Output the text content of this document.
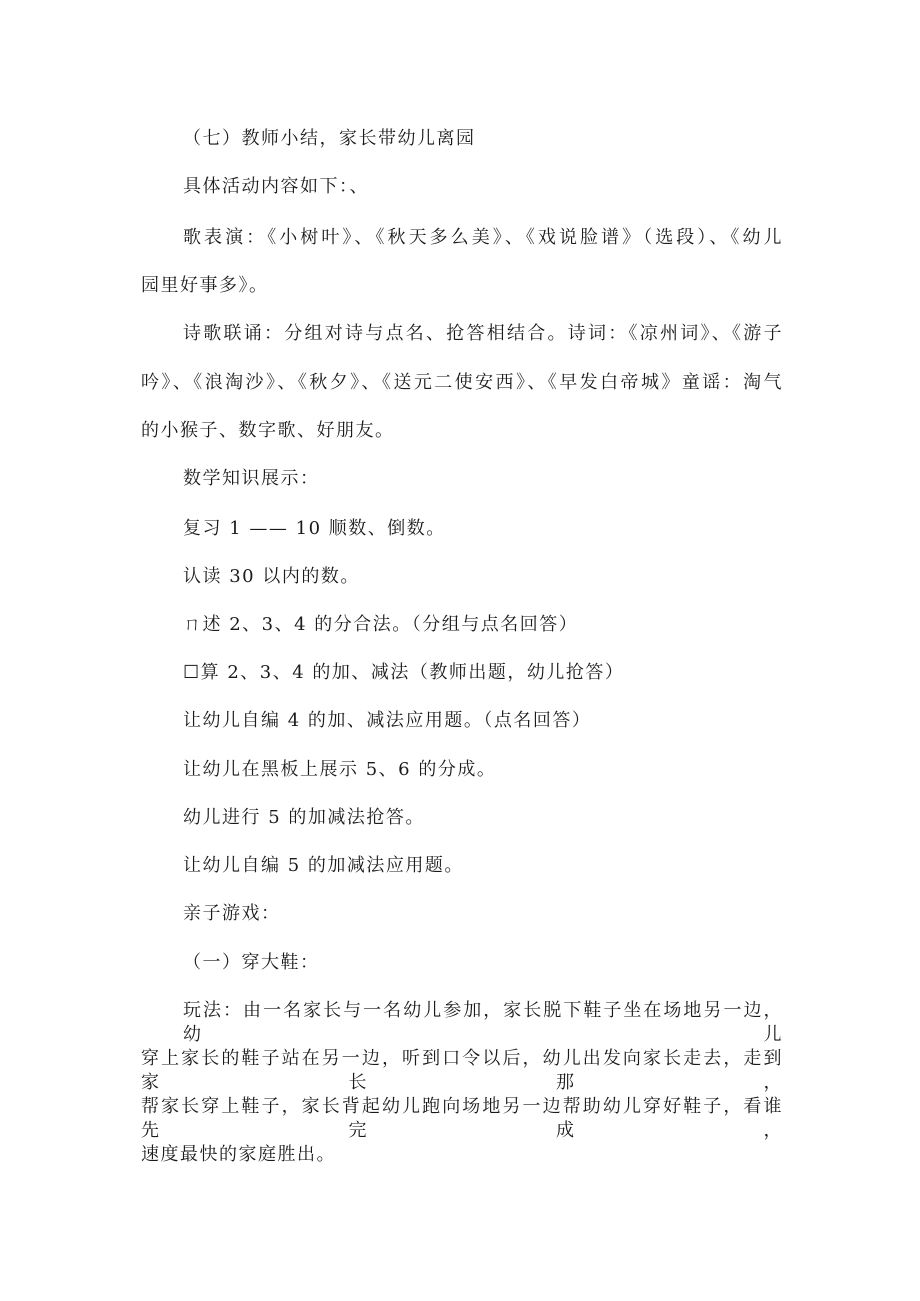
（七）教师小结，家长带幼儿离园
具体活动内容如下：、
歌表演：《小树叶》、《秋天多么美》、《戏说脸谱》（选段）、《幼儿
园里好事多》。
诗歌联诵：分组对诗与点名、抢答相结合。诗词：《凉州词》、《游子
吟》、《浪淘沙》、《秋夕》、《送元二使安西》、《早发白帝城》童谣：淘气
的小猴子、数字歌、好朋友。
数学知识展示：
复习 1 —— 10 顺数、倒数。
认读 30 以内的数。
ㄇ述 2、3、4 的分合法。（分组与点名回答）
☐算 2、3、4 的加、减法（教师出题，幼儿抢答）
让幼儿自编 4 的加、减法应用题。（点名回答）
让幼儿在黑板上展示 5、6 的分成。
幼儿进行 5 的加减法抢答。
让幼儿自编 5 的加减法应用题。
亲子游戏：
（一）穿大鞋：
玩法：由一名家长与一名幼儿参加，家长脱下鞋子坐在场地另一边，幼儿
穿上家长的鞋子站在另一边，听到口令以后，幼儿出发向家长走去，走到家长那，
帮家长穿上鞋子，家长背起幼儿跑向场地另一边帮助幼儿穿好鞋子，看谁先完成，
速度最快的家庭胜出。
